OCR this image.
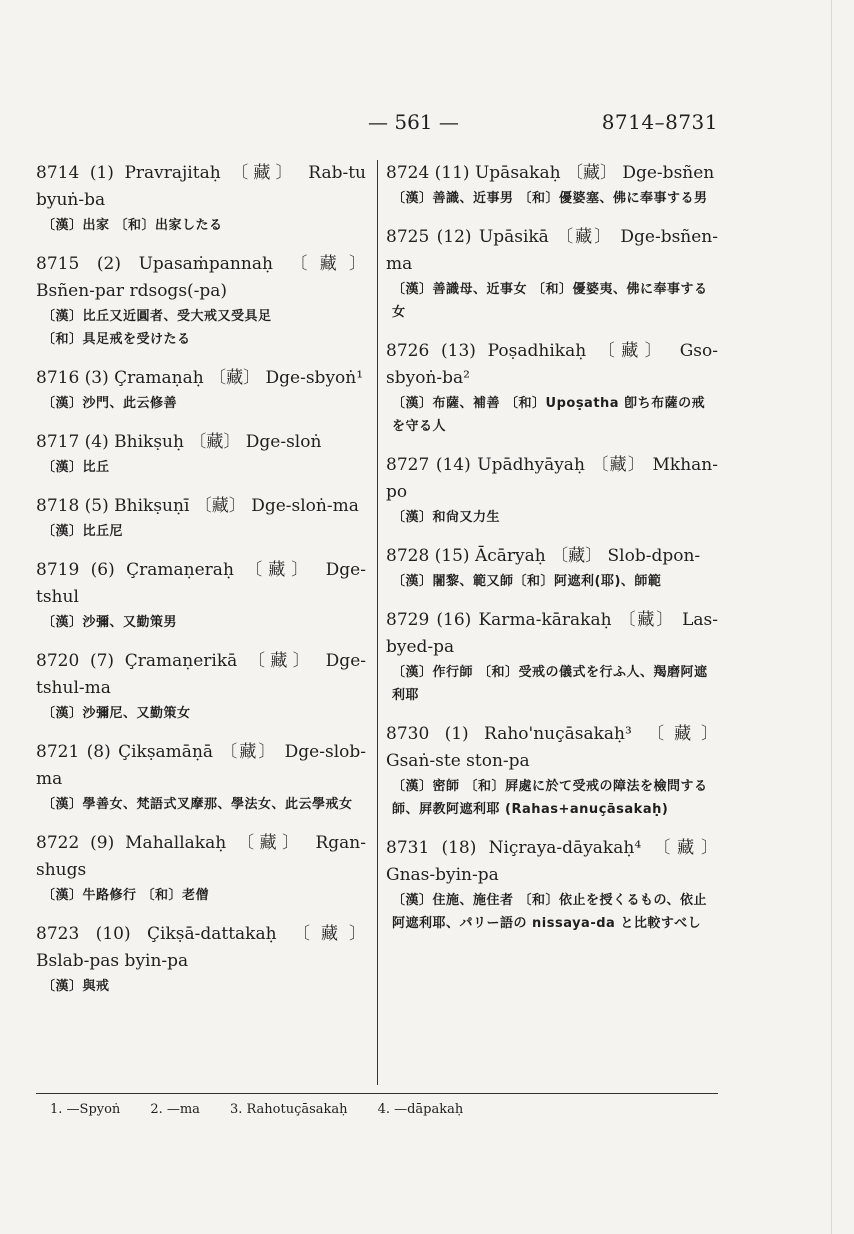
— 561 —	8714–8731
8714 (1) Pravrajitaḥ 〔藏〕 Rab-tu byuṅ-ba
〔漢〕出家 〔和〕出家したる
8715 (2) Upasaṁpannaḥ 〔藏〕 Bsñen-par rdsogs(-pa)
〔漢〕比丘又近圓者、受大戒又受具足
〔和〕具足戒を受けたる
8716 (3) Çramaṇaḥ 〔藏〕 Dge-sbyoṅ¹
〔漢〕沙門、此云修善
8717 (4) Bhikṣuḥ 〔藏〕 Dge-sloṅ
〔漢〕比丘
8718 (5) Bhikṣuṇī 〔藏〕 Dge-sloṅ-ma
〔漢〕比丘尼
8719 (6) Çramaṇeraḥ 〔藏〕 Dge-tshul
〔漢〕沙彌、又勤策男
8720 (7) Çramaṇerikā 〔藏〕 Dge-tshul-ma
〔漢〕沙彌尼、又勤策女
8721 (8) Çikṣamāṇā 〔藏〕 Dge-slob-ma
〔漢〕學善女、梵語式叉摩那、學法女、此云學戒女
8722 (9) Mahallakaḥ 〔藏〕 Rgan-shugs
〔漢〕牛路修行 〔和〕老僧
8723 (10) Çikṣā-dattakaḥ 〔藏〕 Bslab-pas byin-pa
〔漢〕與戒
8724 (11) Upāsakaḥ 〔藏〕 Dge-bsñen
〔漢〕善識、近事男 〔和〕優婆塞、佛に奉事する男
8725 (12) Upāsikā 〔藏〕 Dge-bsñen-ma
〔漢〕善識母、近事女 〔和〕優婆夷、佛に奉事する女
8726 (13) Poṣadhikaḥ 〔藏〕 Gso-sbyoṅ-ba²
〔漢〕布薩、補善 〔和〕Upoṣatha 卽ち布薩の戒を守る人
8727 (14) Upādhyāyaḥ 〔藏〕 Mkhan-po
〔漢〕和尙又力生
8728 (15) Ācāryaḥ 〔藏〕 Slob-dpon-
〔漢〕闍黎、範又師〔和〕阿遮利(耶)、師範
8729 (16) Karma-kārakaḥ 〔藏〕 Las-byed-pa
〔漢〕作行師 〔和〕受戒の儀式を行ふ人、羯磨阿遮利耶
8730 (1) Raho'nuçāsakaḥ³ 〔藏〕 Gsaṅ-ste ston-pa
〔漢〕密師 〔和〕屛處に於て受戒の障法を檢問する師、屛教阿遮利耶 (Rahas+anuçāsakaḥ)
8731 (18) Niçraya-dāyakaḥ⁴ 〔藏〕 Gnas-byin-pa
〔漢〕住施、施住者 〔和〕依止を授くるもの、依止阿遮利耶、パリー語の nissaya-da と比較すべし
1. —Spyoṅ 2. —ma 3. Rahotuçāsakaḥ 4. —dāpakaḥ
